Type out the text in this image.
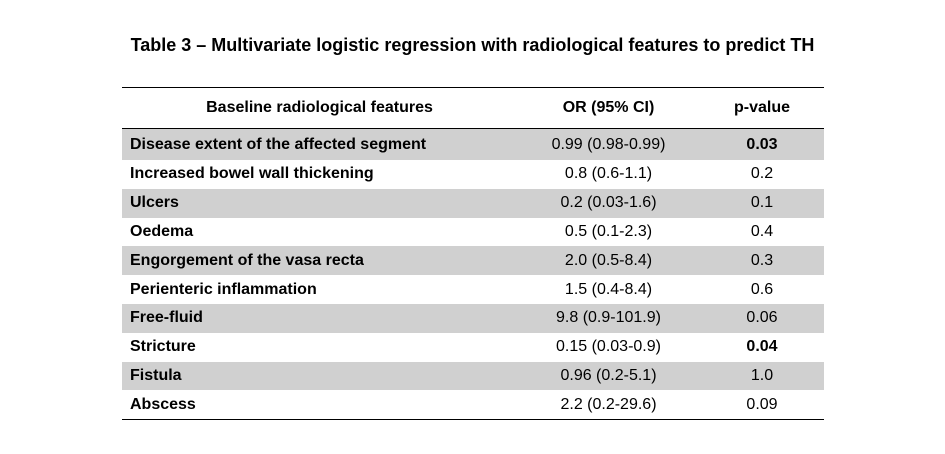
Table 3 – Multivariate logistic regression with radiological features to predict TH
Baseline radiological features	OR (95% CI)	p-value
Disease extent of the affected segment	0.99 (0.98-0.99)	0.03
Increased bowel wall thickening	0.8 (0.6-1.1)	0.2
Ulcers	0.2 (0.03-1.6)	0.1
Oedema	0.5 (0.1-2.3)	0.4
Engorgement of the vasa recta	2.0 (0.5-8.4)	0.3
Perienteric inflammation	1.5 (0.4-8.4)	0.6
Free-fluid	9.8 (0.9-101.9)	0.06
Stricture	0.15 (0.03-0.9)	0.04
Fistula	0.96 (0.2-5.1)	1.0
Abscess	2.2 (0.2-29.6)	0.09
